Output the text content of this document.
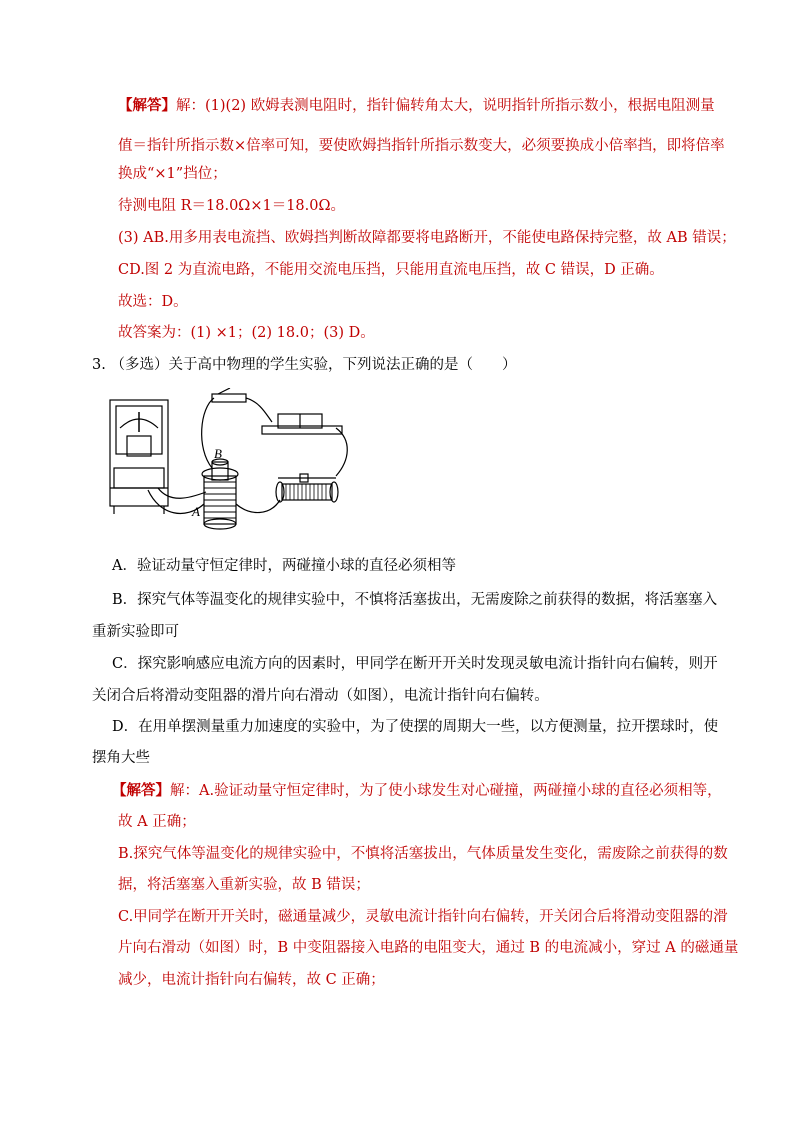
【解答】解：(1)(2) 欧姆表测电阻时，指针偏转角太大，说明指针所指示数小，根据电阻测量
值＝指针所指示数×倍率可知，要使欧姆挡指针所指示数变大，必须要换成小倍率挡，即将倍率
换成“×1”挡位；
待测电阻 R＝18.0Ω×1＝18.0Ω。
(3) AB.用多用表电流挡、欧姆挡判断故障都要将电路断开，不能使电路保持完整，故 AB 错误；
CD.图 2 为直流电路，不能用交流电压挡，只能用直流电压挡，故 C 错误，D 正确。
故选：D。
故答案为：(1) ×1；(2) 18.0；(3) D。
3. （多选）关于高中物理的学生实验，下列说法正确的是（　　）
B
A
A．验证动量守恒定律时，两碰撞小球的直径必须相等
B．探究气体等温变化的规律实验中，不慎将活塞拔出，无需废除之前获得的数据，将活塞塞入
重新实验即可
C．探究影响感应电流方向的因素时，甲同学在断开开关时发现灵敏电流计指针向右偏转，则开
关闭合后将滑动变阻器的滑片向右滑动（如图），电流计指针向右偏转。
D．在用单摆测量重力加速度的实验中，为了使摆的周期大一些，以方便测量，拉开摆球时，使
摆角大些
【解答】解：A.验证动量守恒定律时，为了使小球发生对心碰撞，两碰撞小球的直径必须相等，
故 A 正确；
B.探究气体等温变化的规律实验中，不慎将活塞拔出，气体质量发生变化，需废除之前获得的数
据，将活塞塞入重新实验，故 B 错误；
C.甲同学在断开开关时，磁通量减少，灵敏电流计指针向右偏转，开关闭合后将滑动变阻器的滑
片向右滑动（如图）时，B 中变阻器接入电路的电阻变大，通过 B 的电流减小，穿过 A 的磁通量
减少，电流计指针向右偏转，故 C 正确；
